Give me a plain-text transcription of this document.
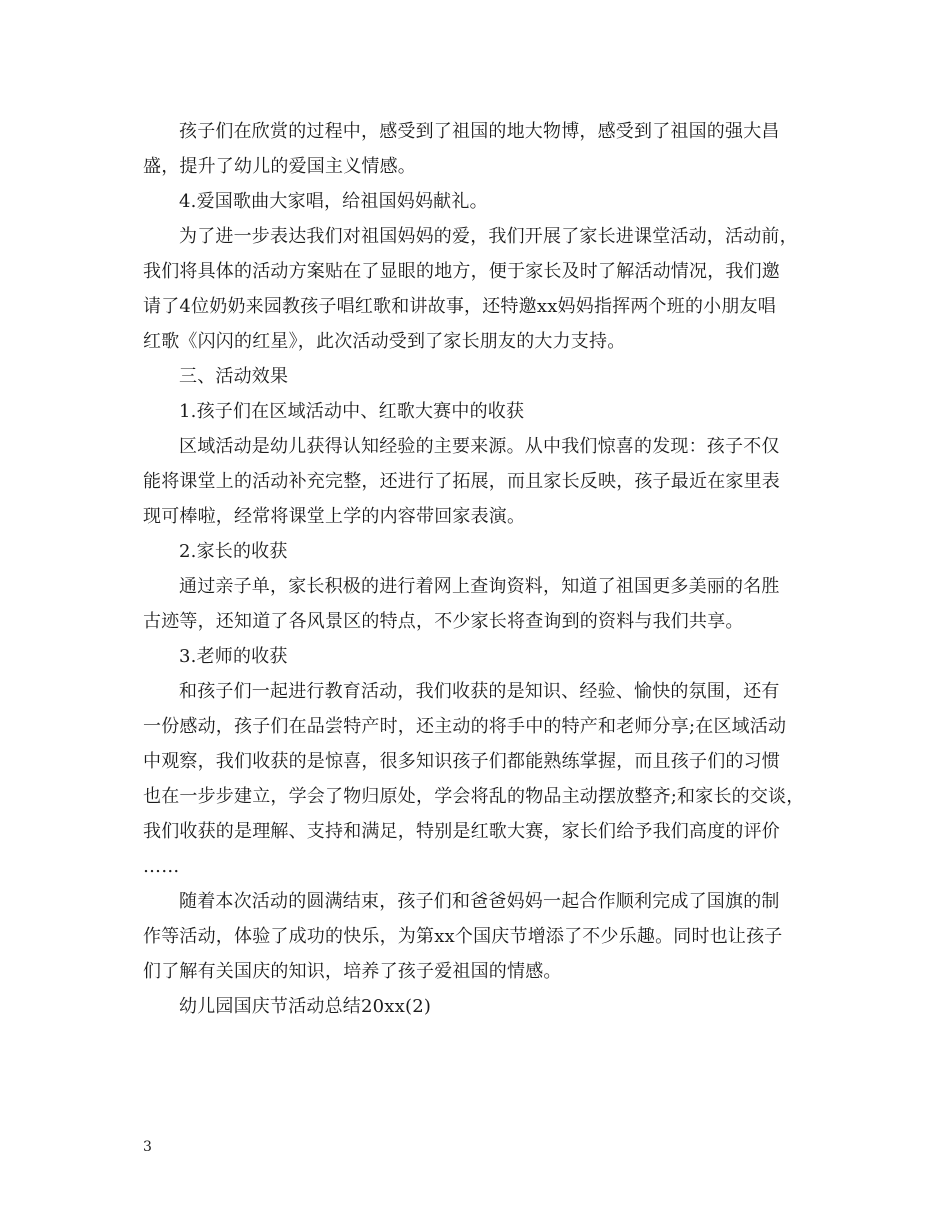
孩子们在欣赏的过程中，感受到了祖国的地大物博，感受到了祖国的强大昌
盛，提升了幼儿的爱国主义情感。
4.爱国歌曲大家唱，给祖国妈妈献礼。
为了进一步表达我们对祖国妈妈的爱，我们开展了家长进课堂活动，活动前，
我们将具体的活动方案贴在了显眼的地方，便于家长及时了解活动情况，我们邀
请了4位奶奶来园教孩子唱红歌和讲故事，还特邀xx妈妈指挥两个班的小朋友唱
红歌《闪闪的红星》，此次活动受到了家长朋友的大力支持。
三、活动效果
1.孩子们在区域活动中、红歌大赛中的收获
区域活动是幼儿获得认知经验的主要来源。从中我们惊喜的发现：孩子不仅
能将课堂上的活动补充完整，还进行了拓展，而且家长反映，孩子最近在家里表
现可棒啦，经常将课堂上学的内容带回家表演。
2.家长的收获
通过亲子单，家长积极的进行着网上查询资料，知道了祖国更多美丽的名胜
古迹等，还知道了各风景区的特点，不少家长将查询到的资料与我们共享。
3.老师的收获
和孩子们一起进行教育活动，我们收获的是知识、经验、愉快的氛围，还有
一份感动，孩子们在品尝特产时，还主动的将手中的特产和老师分享;在区域活动
中观察，我们收获的是惊喜，很多知识孩子们都能熟练掌握，而且孩子们的习惯
也在一步步建立，学会了物归原处，学会将乱的物品主动摆放整齐;和家长的交谈，
我们收获的是理解、支持和满足，特别是红歌大赛，家长们给予我们高度的评价
……
随着本次活动的圆满结束，孩子们和爸爸妈妈一起合作顺利完成了国旗的制
作等活动，体验了成功的快乐，为第xx个国庆节增添了不少乐趣。同时也让孩子
们了解有关国庆的知识，培养了孩子爱祖国的情感。
幼儿园国庆节活动总结20xx(2)
3
